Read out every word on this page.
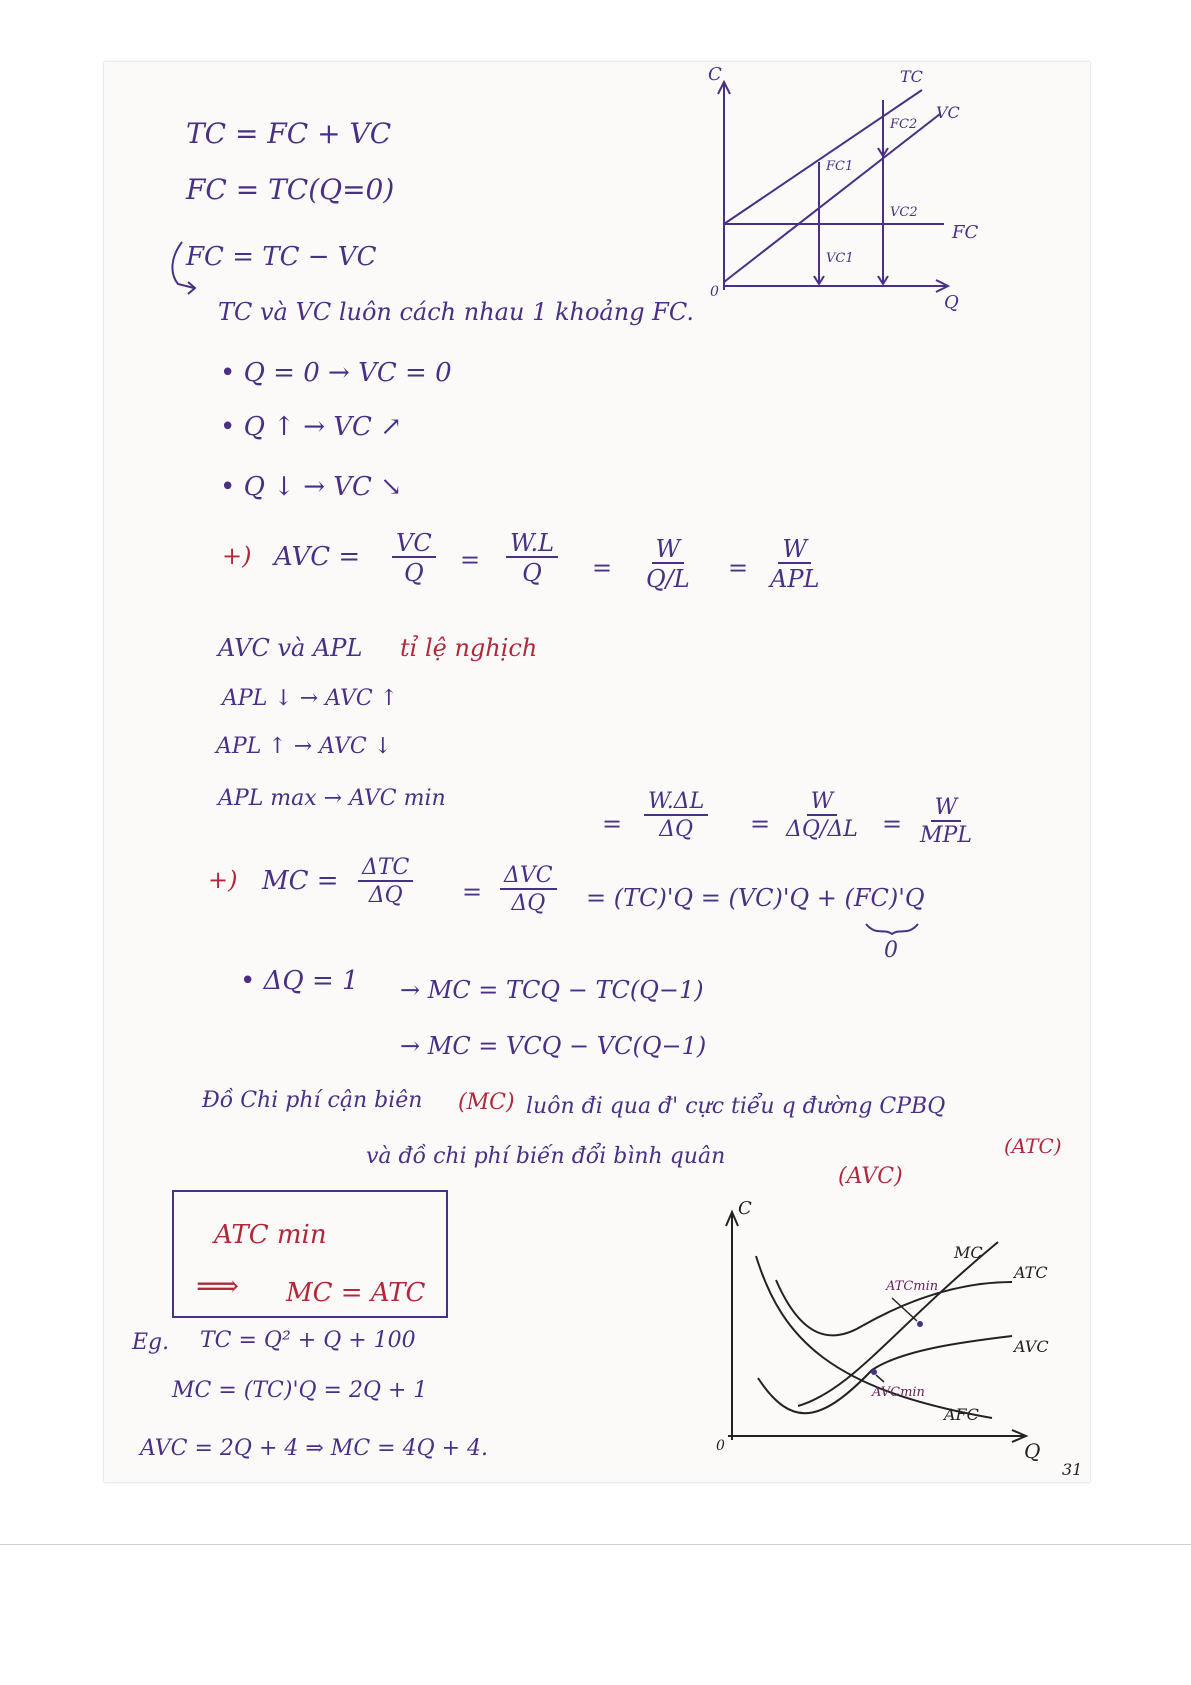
C
Q
0
TC
VC
FC
FC1
FC2
VC1
VC2
TC = FC + VC
FC = TC(Q=0)
FC = TC − VC
TC và VC luôn cách nhau 1 khoảng FC.
• Q = 0 → VC = 0
• Q ↑ → VC ↗
• Q ↓ → VC ↘
+) AVC = $\frac{VC}{Q} = \frac{W.L}{Q} = \frac{W}{Q/L}$ =
W
APL
AVC và APL tỉ lệ nghịch
APL ↓ → AVC ↑
APL ↑ → AVC ↓
APL max → AVC min
= $\frac{W.\Delta L}{\Delta Q} = \frac{W}{\Delta Q/\Delta L}$ =
W
MPL
+) MC = ΔTC
ΔQ =
ΔVC
ΔQ = (TC)'Q = (VC)'Q + (FC)'Q
0
• ΔQ = 1 → MC = TCQ − TC(Q−1)
→ MC = VCQ − VC(Q−1)
Đồ Chi phí cận biên (MC) luôn đi qua đ' cực tiểu q đường CPBQ
(ATC)
và đồ chi phí biến đổi bình quân
(AVC)
ATC min
⟹ MC = ATC
Eg. TC = Q² + Q + 100
MC = (TC)'Q = 2Q + 1
AVC = 2Q + 4 ⇒ MC = 4Q + 4.
C
Q
0
MC
ATC
AVC
AFC
ATCmin
AVCmin
31
